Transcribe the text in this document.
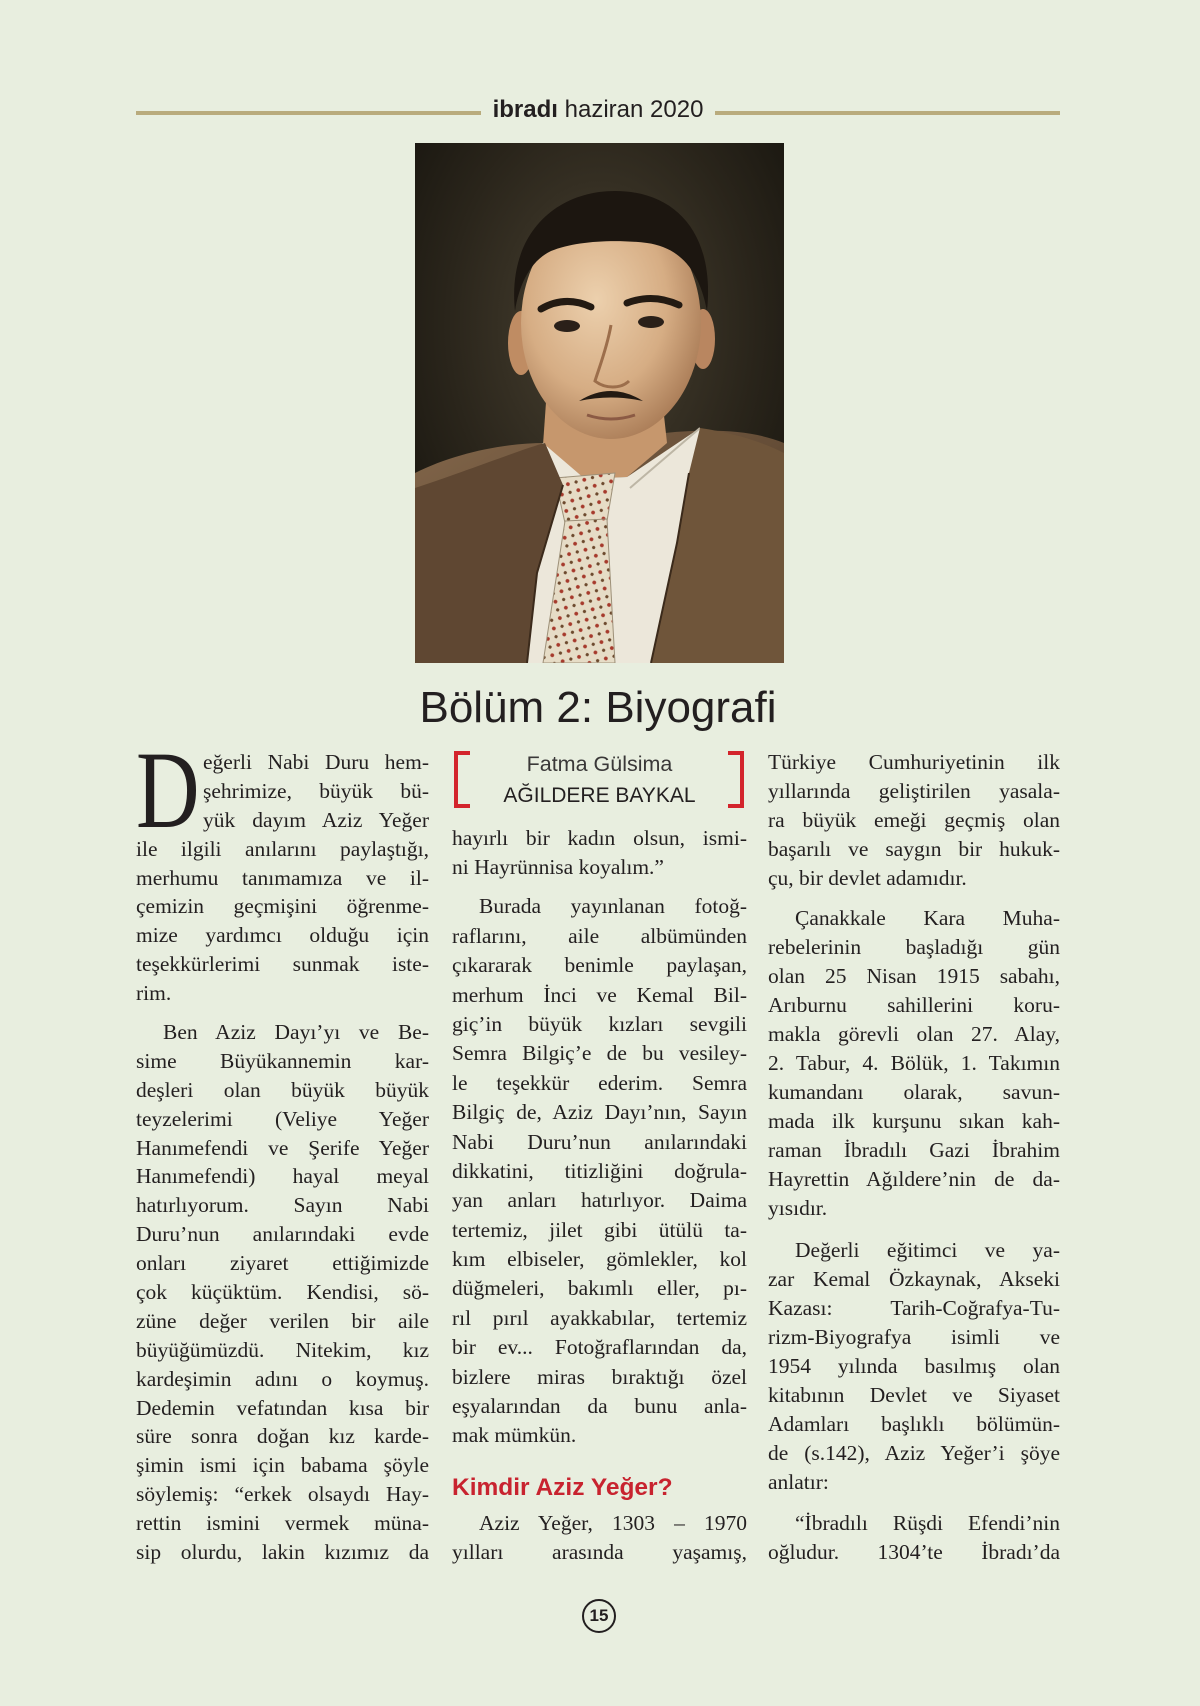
ibradı haziran 2020
Bölüm 2: Biyografi
Fatma Gülsima
AĞILDERE BAYKAL
D eğerli Nabi Duru hem-
şehrimize, büyük bü-
yük dayım Aziz Yeğer
ile ilgili anılarını paylaştığı,
merhumu tanımamıza ve il-
çemizin geçmişini öğrenme-
mize yardımcı olduğu için
teşekkürlerimi sunmak iste-
rim.
Ben Aziz Dayı’yı ve Be-
sime Büyükannemin kar-
deşleri olan büyük büyük
teyzelerimi (Veliye Yeğer
Hanımefendi ve Şerife Yeğer
Hanımefendi) hayal meyal
hatırlıyorum. Sayın Nabi
Duru’nun anılarındaki evde
onları ziyaret ettiğimizde
çok küçüktüm. Kendisi, sö-
züne değer verilen bir aile
büyüğümüzdü. Nitekim, kız
kardeşimin adını o koymuş.
Dedemin vefatından kısa bir
süre sonra doğan kız karde-
şimin ismi için babama şöyle
söylemiş: “erkek olsaydı Hay-
rettin ismini vermek müna-
sip olurdu, lakin kızımız da
hayırlı bir kadın olsun, ismi-
ni Hayrünnisa koyalım.”
Burada yayınlanan fotoğ-
raflarını, aile albümünden
çıkararak benimle paylaşan,
merhum İnci ve Kemal Bil-
giç’in büyük kızları sevgili
Semra Bilgiç’e de bu vesiley-
le teşekkür ederim. Semra
Bilgiç de, Aziz Dayı’nın, Sayın
Nabi Duru’nun anılarındaki
dikkatini, titizliğini doğrula-
yan anları hatırlıyor. Daima
tertemiz, jilet gibi ütülü ta-
kım elbiseler, gömlekler, kol
düğmeleri, bakımlı eller, pı-
rıl pırıl ayakkabılar, tertemiz
bir ev... Fotoğraflarından da,
bizlere miras bıraktığı özel
eşyalarından da bunu anla-
mak mümkün.
Kimdir Aziz Yeğer?
Aziz Yeğer, 1303 – 1970
yılları arasında yaşamış,
Türkiye Cumhuriyetinin ilk
yıllarında geliştirilen yasala-
ra büyük emeği geçmiş olan
başarılı ve saygın bir hukuk-
çu, bir devlet adamıdır.
Çanakkale Kara Muha-
rebelerinin başladığı gün
olan 25 Nisan 1915 sabahı,
Arıburnu sahillerini koru-
makla görevli olan 27. Alay,
2. Tabur, 4. Bölük, 1. Takımın
kumandanı olarak, savun-
mada ilk kurşunu sıkan kah-
raman İbradılı Gazi İbrahim
Hayrettin Ağıldere’nin de da-
yısıdır.
Değerli eğitimci ve ya-
zar Kemal Özkaynak, Akseki
Kazası: Tarih-Coğrafya-Tu-
rizm-Biyografya isimli ve
1954 yılında basılmış olan
kitabının Devlet ve Siyaset
Adamları başlıklı bölümün-
de (s.142), Aziz Yeğer’i şöye
anlatır:
“İbradılı Rüşdi Efendi’nin
oğludur. 1304’te İbradı’da
15
